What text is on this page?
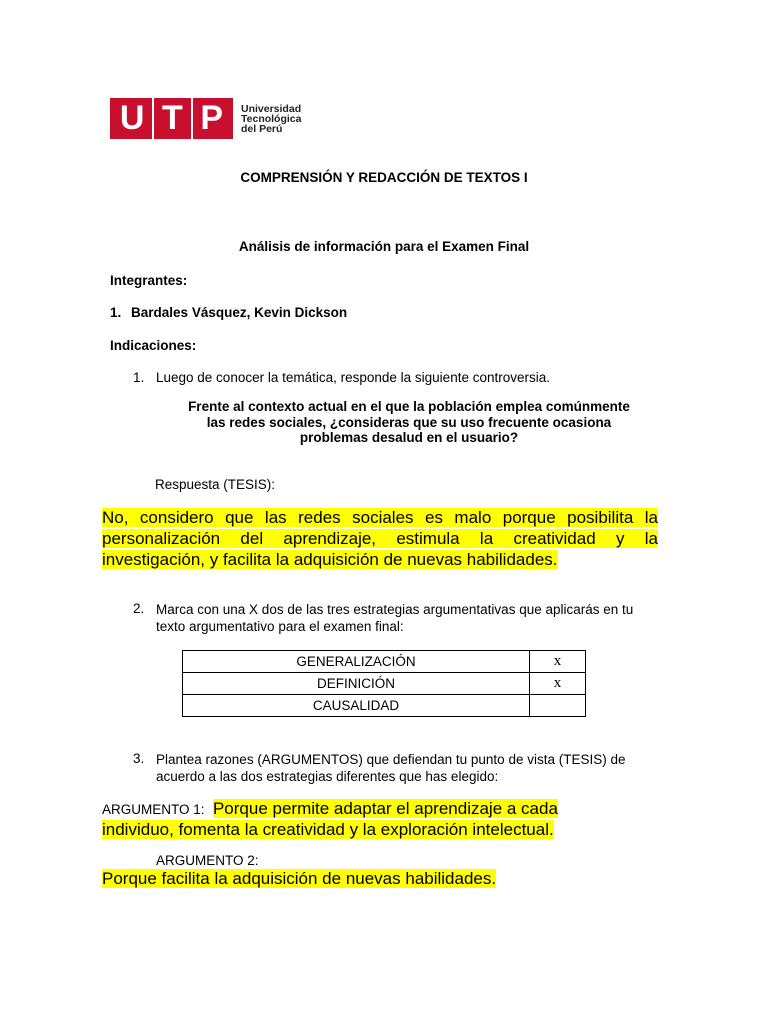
U T P Universidad
Tecnológica
del Perú
COMPRENSIÓN Y REDACCIÓN DE TEXTOS I
Análisis de información para el Examen Final
Integrantes:
1. Bardales Vásquez, Kevin Dickson
Indicaciones:
1. Luego de conocer la temática, responde la siguiente controversia.
Frente al contexto actual en el que la población emplea comúnmente
las redes sociales, ¿consideras que su uso frecuente ocasiona
problemas desalud en el usuario?
Respuesta (TESIS):
No, considero que las redes sociales es malo porque posibilita la
personalización del aprendizaje, estimula la creatividad y la
investigación, y facilita la adquisición de nuevas habilidades.
2. Marca con una X dos de las tres estrategias argumentativas que aplicarás en tu
texto argumentativo para el examen final:
GENERALIZACIÓN	x
DEFINICIÓN	x
CAUSALIDAD	
3. Plantea razones (ARGUMENTOS) que defiendan tu punto de vista (TESIS) de
acuerdo a las dos estrategias diferentes que has elegido:
ARGUMENTO 1: Porque permite adaptar el aprendizaje a cada
individuo, fomenta la creatividad y la exploración intelectual.
ARGUMENTO 2:
Porque facilita la adquisición de nuevas habilidades.
